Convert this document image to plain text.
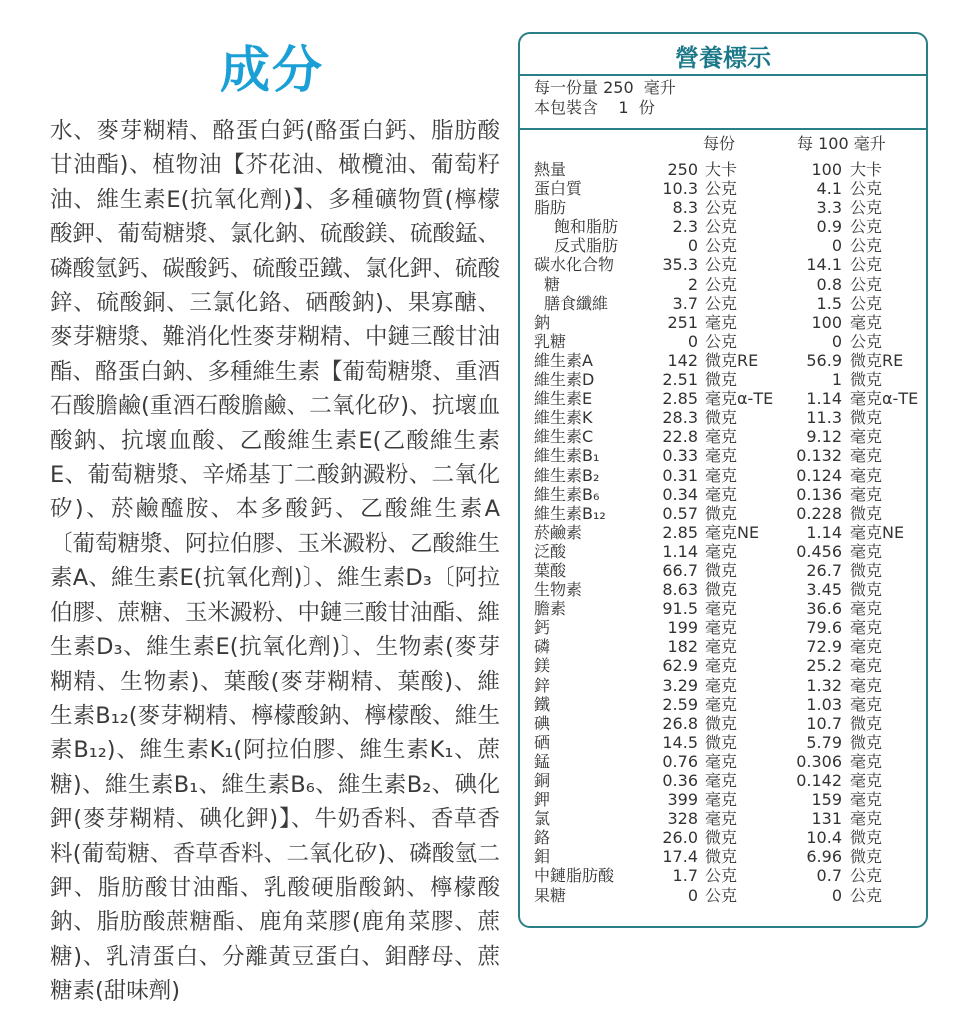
成分
水、麥芽糊精、酪蛋白鈣(酪蛋白鈣、脂肪酸甘油酯)、植物油【芥花油、橄欖油、葡萄籽油、維生素E(抗氧化劑)】、多種礦物質(檸檬酸鉀、葡萄糖漿、氯化鈉、硫酸鎂、硫酸錳、磷酸氫鈣、碳酸鈣、硫酸亞鐵、氯化鉀、硫酸鋅、硫酸銅、三氯化鉻、硒酸鈉)、果寡醣、麥芽糖漿、難消化性麥芽糊精、中鏈三酸甘油酯、酪蛋白鈉、多種維生素【葡萄糖漿、重酒石酸膽鹼(重酒石酸膽鹼、二氧化矽)、抗壞血酸鈉、抗壞血酸、乙酸維生素E(乙酸維生素E、葡萄糖漿、辛烯基丁二酸鈉澱粉、二氧化矽)、菸鹼醯胺、本多酸鈣、乙酸維生素A〔葡萄糖漿、阿拉伯膠、玉米澱粉、乙酸維生素A、維生素E(抗氧化劑)〕、維生素D₃〔阿拉伯膠、蔗糖、玉米澱粉、中鏈三酸甘油酯、維生素D₃、維生素E(抗氧化劑)〕、生物素(麥芽糊精、生物素)、葉酸(麥芽糊精、葉酸)、維生素B₁₂(麥芽糊精、檸檬酸鈉、檸檬酸、維生素B₁₂)、維生素K₁(阿拉伯膠、維生素K₁、蔗糖)、維生素B₁、維生素B₆、維生素B₂、碘化鉀(麥芽糊精、碘化鉀)】、牛奶香料、香草香料(葡萄糖、香草香料、二氧化矽)、磷酸氫二鉀、脂肪酸甘油酯、乳酸硬脂酸鈉、檸檬酸鈉、脂肪酸蔗糖酯、鹿角菜膠(鹿角菜膠、蔗糖)、乳清蛋白、分離黃豆蛋白、鉬酵母、蔗糖素(甜味劑)
營養標示
每一份量 250  毫升
本包裝含    1  份
每份	每 100 毫升
熱量	250 大卡	100 大卡
蛋白質	10.3 公克	4.1 公克
脂肪	8.3 公克	3.3 公克
飽和脂肪	2.3 公克	0.9 公克
反式脂肪	0 公克	0 公克
碳水化合物	35.3 公克	14.1 公克
糖	2 公克	0.8 公克
膳食纖維	3.7 公克	1.5 公克
鈉	251 毫克	100 毫克
乳糖	0 公克	0 公克
維生素A	142 微克RE	56.9 微克RE
維生素D	2.51 微克	1 微克
維生素E	2.85 毫克α-TE	1.14 毫克α-TE
維生素K	28.3 微克	11.3 微克
維生素C	22.8 毫克	9.12 毫克
維生素B₁	0.33 毫克	0.132 毫克
維生素B₂	0.31 毫克	0.124 毫克
維生素B₆	0.34 毫克	0.136 毫克
維生素B₁₂	0.57 微克	0.228 微克
菸鹼素	2.85 毫克NE	1.14 毫克NE
泛酸	1.14 毫克	0.456 毫克
葉酸	66.7 微克	26.7 微克
生物素	8.63 微克	3.45 微克
膽素	91.5 毫克	36.6 毫克
鈣	199 毫克	79.6 毫克
磷	182 毫克	72.9 毫克
鎂	62.9 毫克	25.2 毫克
鋅	3.29 毫克	1.32 毫克
鐵	2.59 毫克	1.03 毫克
碘	26.8 微克	10.7 微克
硒	14.5 微克	5.79 微克
錳	0.76 毫克	0.306 毫克
銅	0.36 毫克	0.142 毫克
鉀	399 毫克	159 毫克
氯	328 毫克	131 毫克
鉻	26.0 微克	10.4 微克
鉬	17.4 微克	6.96 微克
中鏈脂肪酸	1.7 公克	0.7 公克
果糖	0 公克	0 公克
